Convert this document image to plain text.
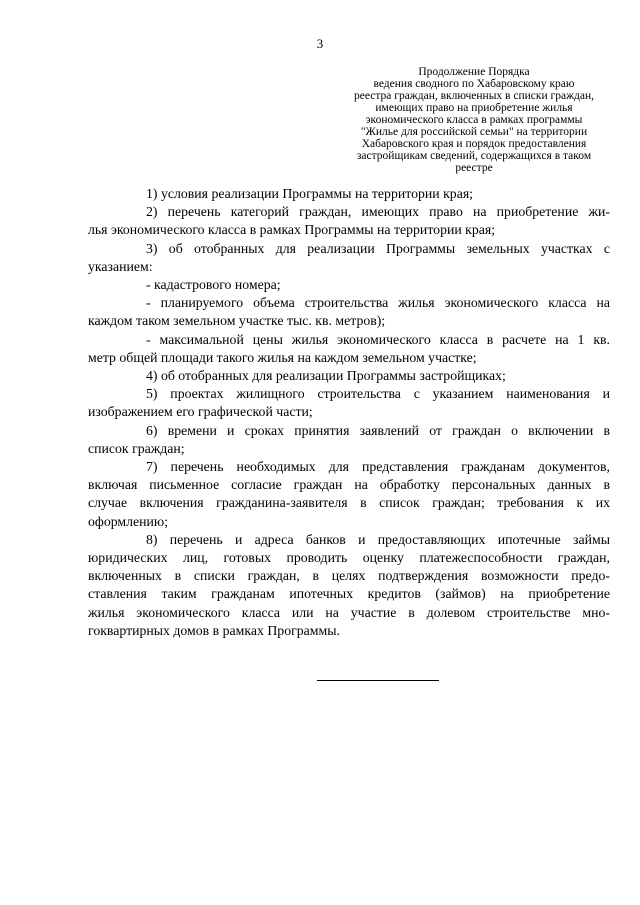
3
Продолжение Порядка
ведения сводного по Хабаровскому краю
реестра граждан, включенных в списки граждан,
имеющих право на приобретение жилья
экономического класса в рамках программы
"Жилье для российской семьи" на территории
Хабаровского края и порядок предоставления
застройщикам сведений, содержащихся в таком
реестре

1) условия реализации Программы на территории края;

2) перечень категорий граждан, имеющих право на приобретение жи-

лья экономического класса в рамках Программы на территории края;

3) об отобранных для реализации Программы земельных участках с

указанием:

- кадастрового номера;

- планируемого объема строительства жилья экономического класса на

каждом таком земельном участке тыс. кв. метров);

- максимальной цены жилья экономического класса в расчете на 1 кв.

метр общей площади такого жилья на каждом земельном участке;

4) об отобранных для реализации Программы застройщиках;

5) проектах жилищного строительства с указанием наименования и

изображением его графической части;

6) времени и сроках принятия заявлений от граждан о включении в

список граждан;

7) перечень необходимых для представления гражданам документов,

включая письменное согласие граждан на обработку персональных данных в

случае включения гражданина-заявителя в список граждан; требования к их

оформлению;

8) перечень и адреса банков и предоставляющих ипотечные займы

юридических лиц, готовых проводить оценку платежеспособности граждан,

включенных в списки граждан, в целях подтверждения возможности предо-

ставления таким гражданам ипотечных кредитов (займов) на приобретение

жилья экономического класса или на участие в долевом строительстве мно-

гоквартирных домов в рамках Программы.
